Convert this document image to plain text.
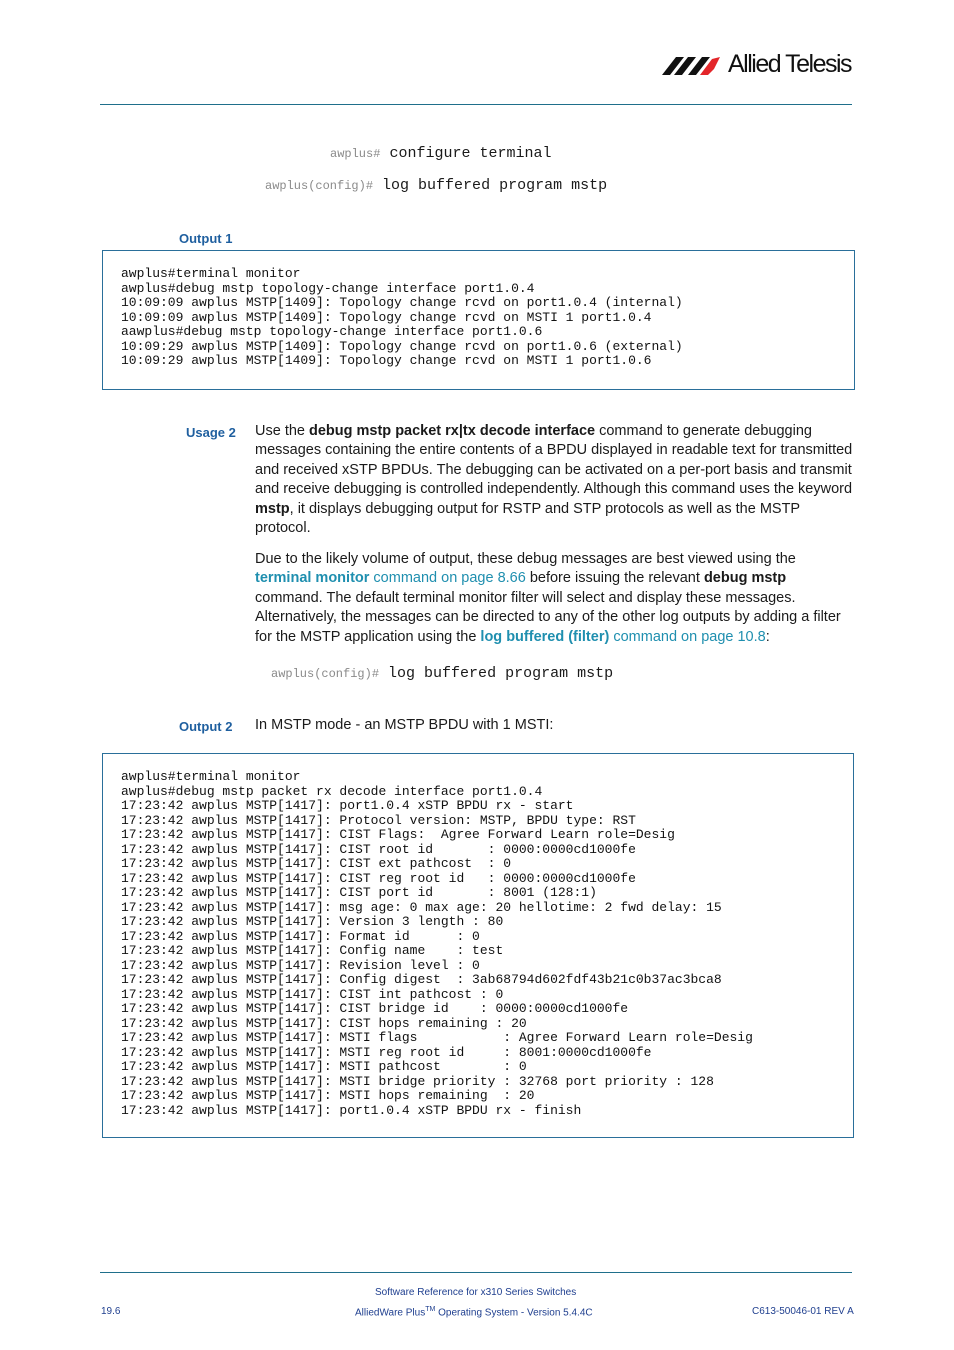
Allied Telesis
awplus# configure terminal
awplus(config)# log buffered program mstp
Output 1
awplus#terminal monitor
awplus#debug mstp topology-change interface port1.0.4
10:09:09 awplus MSTP[1409]: Topology change rcvd on port1.0.4 (internal)
10:09:09 awplus MSTP[1409]: Topology change rcvd on MSTI 1 port1.0.4
aawplus#debug mstp topology-change interface port1.0.6
10:09:29 awplus MSTP[1409]: Topology change rcvd on port1.0.6 (external)
10:09:29 awplus MSTP[1409]: Topology change rcvd on MSTI 1 port1.0.6
Usage 2 Use the debug mstp packet rx|tx decode interface command to generate debugging messages containing the entire contents of a BPDU displayed in readable text for transmitted and received xSTP BPDUs. The debugging can be activated on a per-port basis and transmit and receive debugging is controlled independently. Although this command uses the keyword mstp, it displays debugging output for RSTP and STP protocols as well as the MSTP protocol.
Due to the likely volume of output, these debug messages are best viewed using the terminal monitor command on page 8.66 before issuing the relevant debug mstp command. The default terminal monitor filter will select and display these messages. Alternatively, the messages can be directed to any of the other log outputs by adding a filter for the MSTP application using the log buffered (filter) command on page 10.8:
awplus(config)# log buffered program mstp
Output 2 In MSTP mode - an MSTP BPDU with 1 MSTI:
awplus#terminal monitor
awplus#debug mstp packet rx decode interface port1.0.4
17:23:42 awplus MSTP[1417]: port1.0.4 xSTP BPDU rx - start
17:23:42 awplus MSTP[1417]: Protocol version: MSTP, BPDU type: RST
17:23:42 awplus MSTP[1417]: CIST Flags:  Agree Forward Learn role=Desig
17:23:42 awplus MSTP[1417]: CIST root id       : 0000:0000cd1000fe
17:23:42 awplus MSTP[1417]: CIST ext pathcost  : 0
17:23:42 awplus MSTP[1417]: CIST reg root id   : 0000:0000cd1000fe
17:23:42 awplus MSTP[1417]: CIST port id       : 8001 (128:1)
17:23:42 awplus MSTP[1417]: msg age: 0 max age: 20 hellotime: 2 fwd delay: 15
17:23:42 awplus MSTP[1417]: Version 3 length : 80
17:23:42 awplus MSTP[1417]: Format id      : 0
17:23:42 awplus MSTP[1417]: Config name    : test
17:23:42 awplus MSTP[1417]: Revision level : 0
17:23:42 awplus MSTP[1417]: Config digest  : 3ab68794d602fdf43b21c0b37ac3bca8
17:23:42 awplus MSTP[1417]: CIST int pathcost : 0
17:23:42 awplus MSTP[1417]: CIST bridge id    : 0000:0000cd1000fe
17:23:42 awplus MSTP[1417]: CIST hops remaining : 20
17:23:42 awplus MSTP[1417]: MSTI flags           : Agree Forward Learn role=Desig
17:23:42 awplus MSTP[1417]: MSTI reg root id     : 8001:0000cd1000fe
17:23:42 awplus MSTP[1417]: MSTI pathcost        : 0
17:23:42 awplus MSTP[1417]: MSTI bridge priority : 32768 port priority : 128
17:23:42 awplus MSTP[1417]: MSTI hops remaining  : 20
17:23:42 awplus MSTP[1417]: port1.0.4 xSTP BPDU rx - finish
Software Reference for x310 Series Switches
19.6	AlliedWare Plus™ Operating System - Version 5.4.4C	C613-50046-01 REV A
